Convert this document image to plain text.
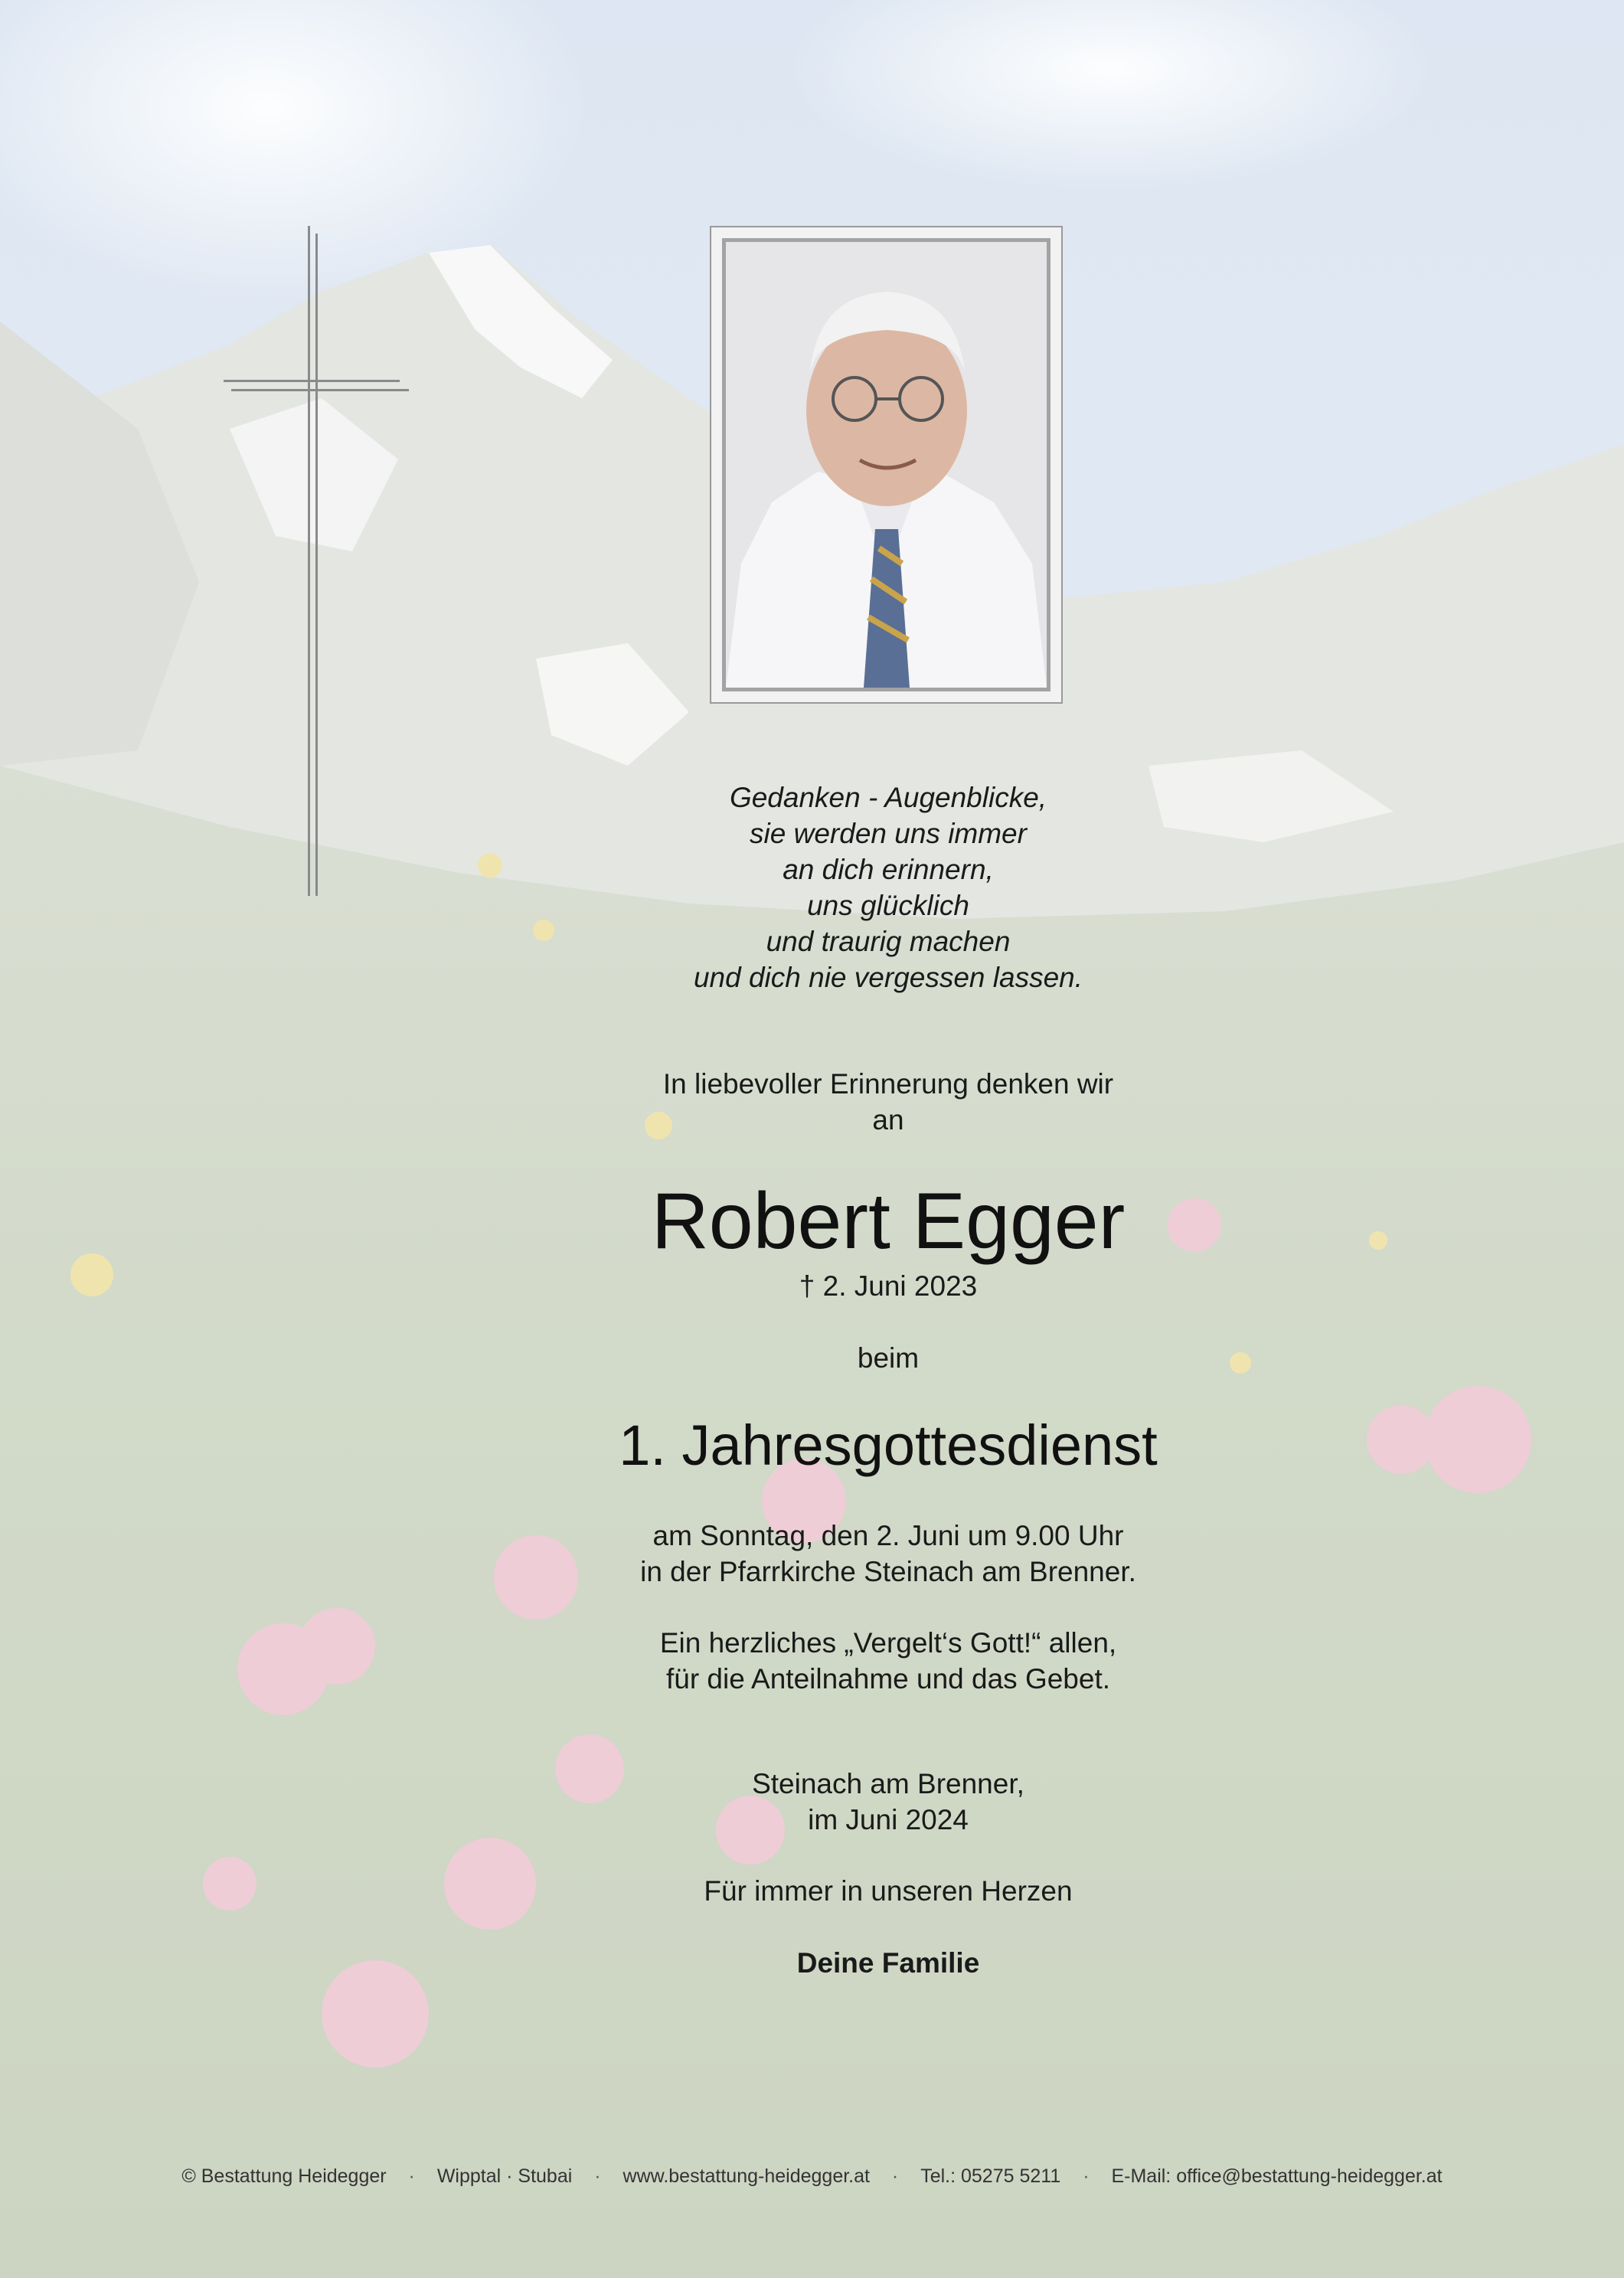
Gedanken - Augenblicke,
sie werden uns immer
an dich erinnern,
uns glücklich
und traurig machen
und dich nie vergessen lassen.
In liebevoller Erinnerung denken wir
an
Robert Egger
† 2. Juni 2023
beim
1. Jahresgottesdienst
am Sonntag, den 2. Juni um 9.00 Uhr
in der Pfarrkirche Steinach am Brenner.
Ein herzliches „Vergelt‘s Gott!“ allen,
für die Anteilnahme und das Gebet.
Steinach am Brenner,
im Juni 2024
Für immer in unseren Herzen
Deine Familie
© Bestattung Heidegger · Wipptal · Stubai · www.bestattung-heidegger.at · Tel.: 05275 5211 · E-Mail: office@bestattung-heidegger.at
